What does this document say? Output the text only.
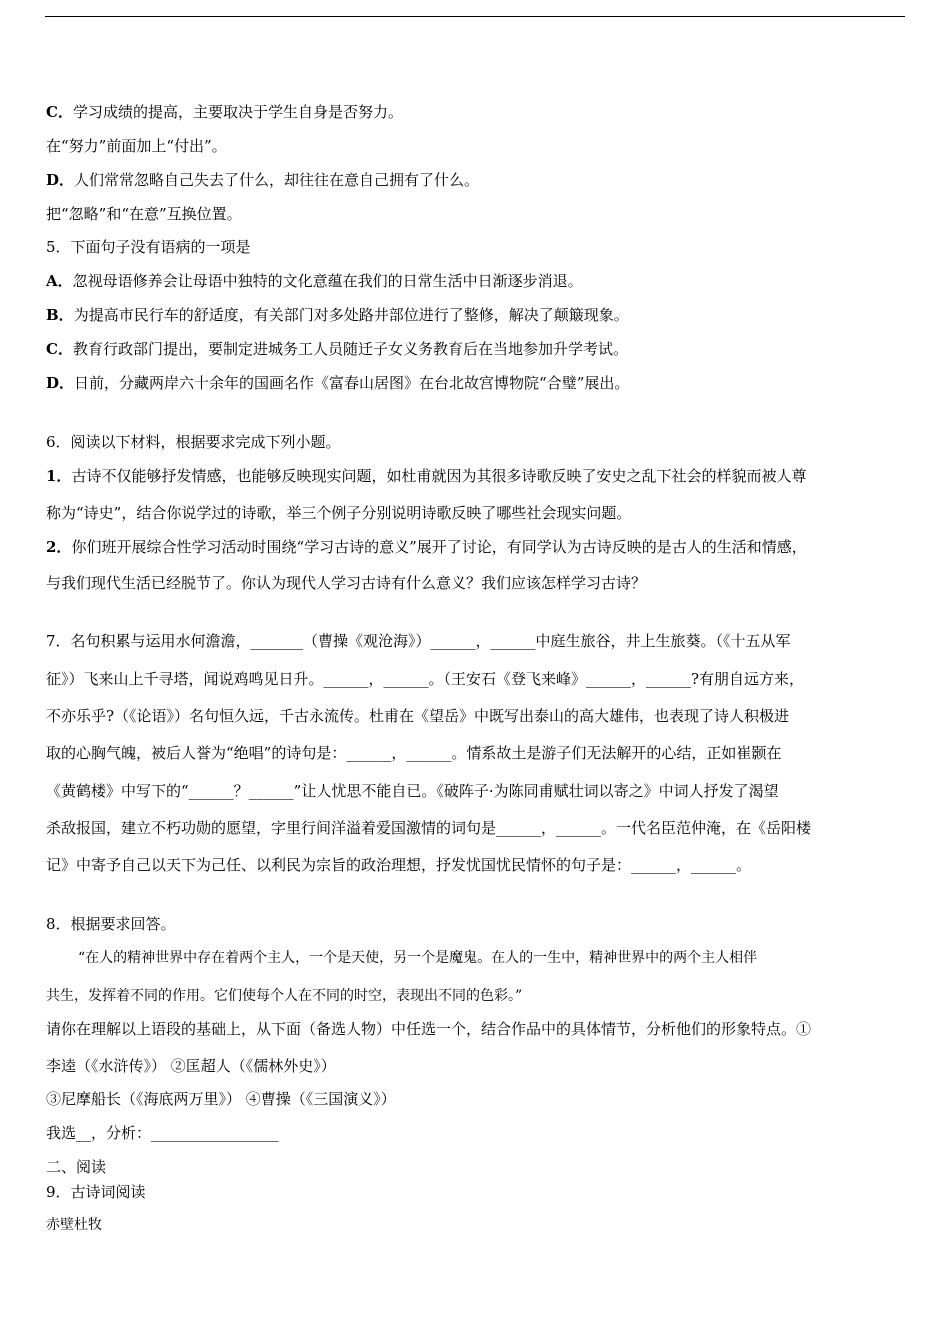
C．学习成绩的提高，主要取决于学生自身是否努力。
在“努力”前面加上“付出”。
D．人们常常忽略自己失去了什么，却往往在意自己拥有了什么。
把“忽略”和“在意”互换位置。
5．下面句子没有语病的一项是
A．忽视母语修养会让母语中独特的文化意蕴在我们的日常生活中日渐逐步消退。
B．为提高市民行车的舒适度，有关部门对多处路井部位进行了整修，解决了颠簸现象。
C．教育行政部门提出，要制定进城务工人员随迁子女义务教育后在当地参加升学考试。
D．日前，分藏两岸六十余年的国画名作《富春山居图》在台北故宫博物院“合璧”展出。
6．阅读以下材料，根据要求完成下列小题。
1．古诗不仅能够抒发情感，也能够反映现实问题，如杜甫就因为其很多诗歌反映了安史之乱下社会的样貌而被人尊
称为“诗史”，结合你说学过的诗歌，举三个例子分别说明诗歌反映了哪些社会现实问题。
2．你们班开展综合性学习活动时围绕“学习古诗的意义”展开了讨论，有同学认为古诗反映的是古人的生活和情感，
与我们现代生活已经脱节了。你认为现代人学习古诗有什么意义？我们应该怎样学习古诗？
7．名句积累与运用水何澹澹，_______（曹操《观沧海》）______，______中庭生旅谷，井上生旅葵。（《十五从军
征》）飞来山上千寻塔，闻说鸡鸣见日升。______，______。（王安石《登飞来峰》______，______?有朋自远方来，
不亦乐乎?（《论语》）名句恒久远，千古永流传。杜甫在《望岳》中既写出泰山的高大雄伟，也表现了诗人积极进
取的心胸气魄，被后人誉为“绝唱”的诗句是：______，______。情系故土是游子们无法解开的心结，正如崔颢在
《黄鹤楼》中写下的“______？______”让人忧思不能自已。《破阵子·为陈同甫赋壮词以寄之》中词人抒发了渴望
杀敌报国，建立不朽功勋的愿望，字里行间洋溢着爱国激情的词句是______，______。一代名臣范仲淹，在《岳阳楼
记》中寄予自己以天下为己任、以利民为宗旨的政治理想，抒发忧国忧民情怀的句子是：______，______。
8．根据要求回答。
“在人的精神世界中存在着两个主人，一个是天使，另一个是魔鬼。在人的一生中，精神世界中的两个主人相伴
共生，发挥着不同的作用。它们使每个人在不同的时空，表现出不同的色彩。”
请你在理解以上语段的基础上，从下面（备选人物）中任选一个，结合作品中的具体情节，分析他们的形象特点。①
李逵（《水浒传》） ②匡超人（《儒林外史》）
③尼摩船长（《海底两万里》） ④曹操（《三国演义》）
我选__，分析：_________________
二、阅读
9．古诗词阅读
赤壁杜牧
